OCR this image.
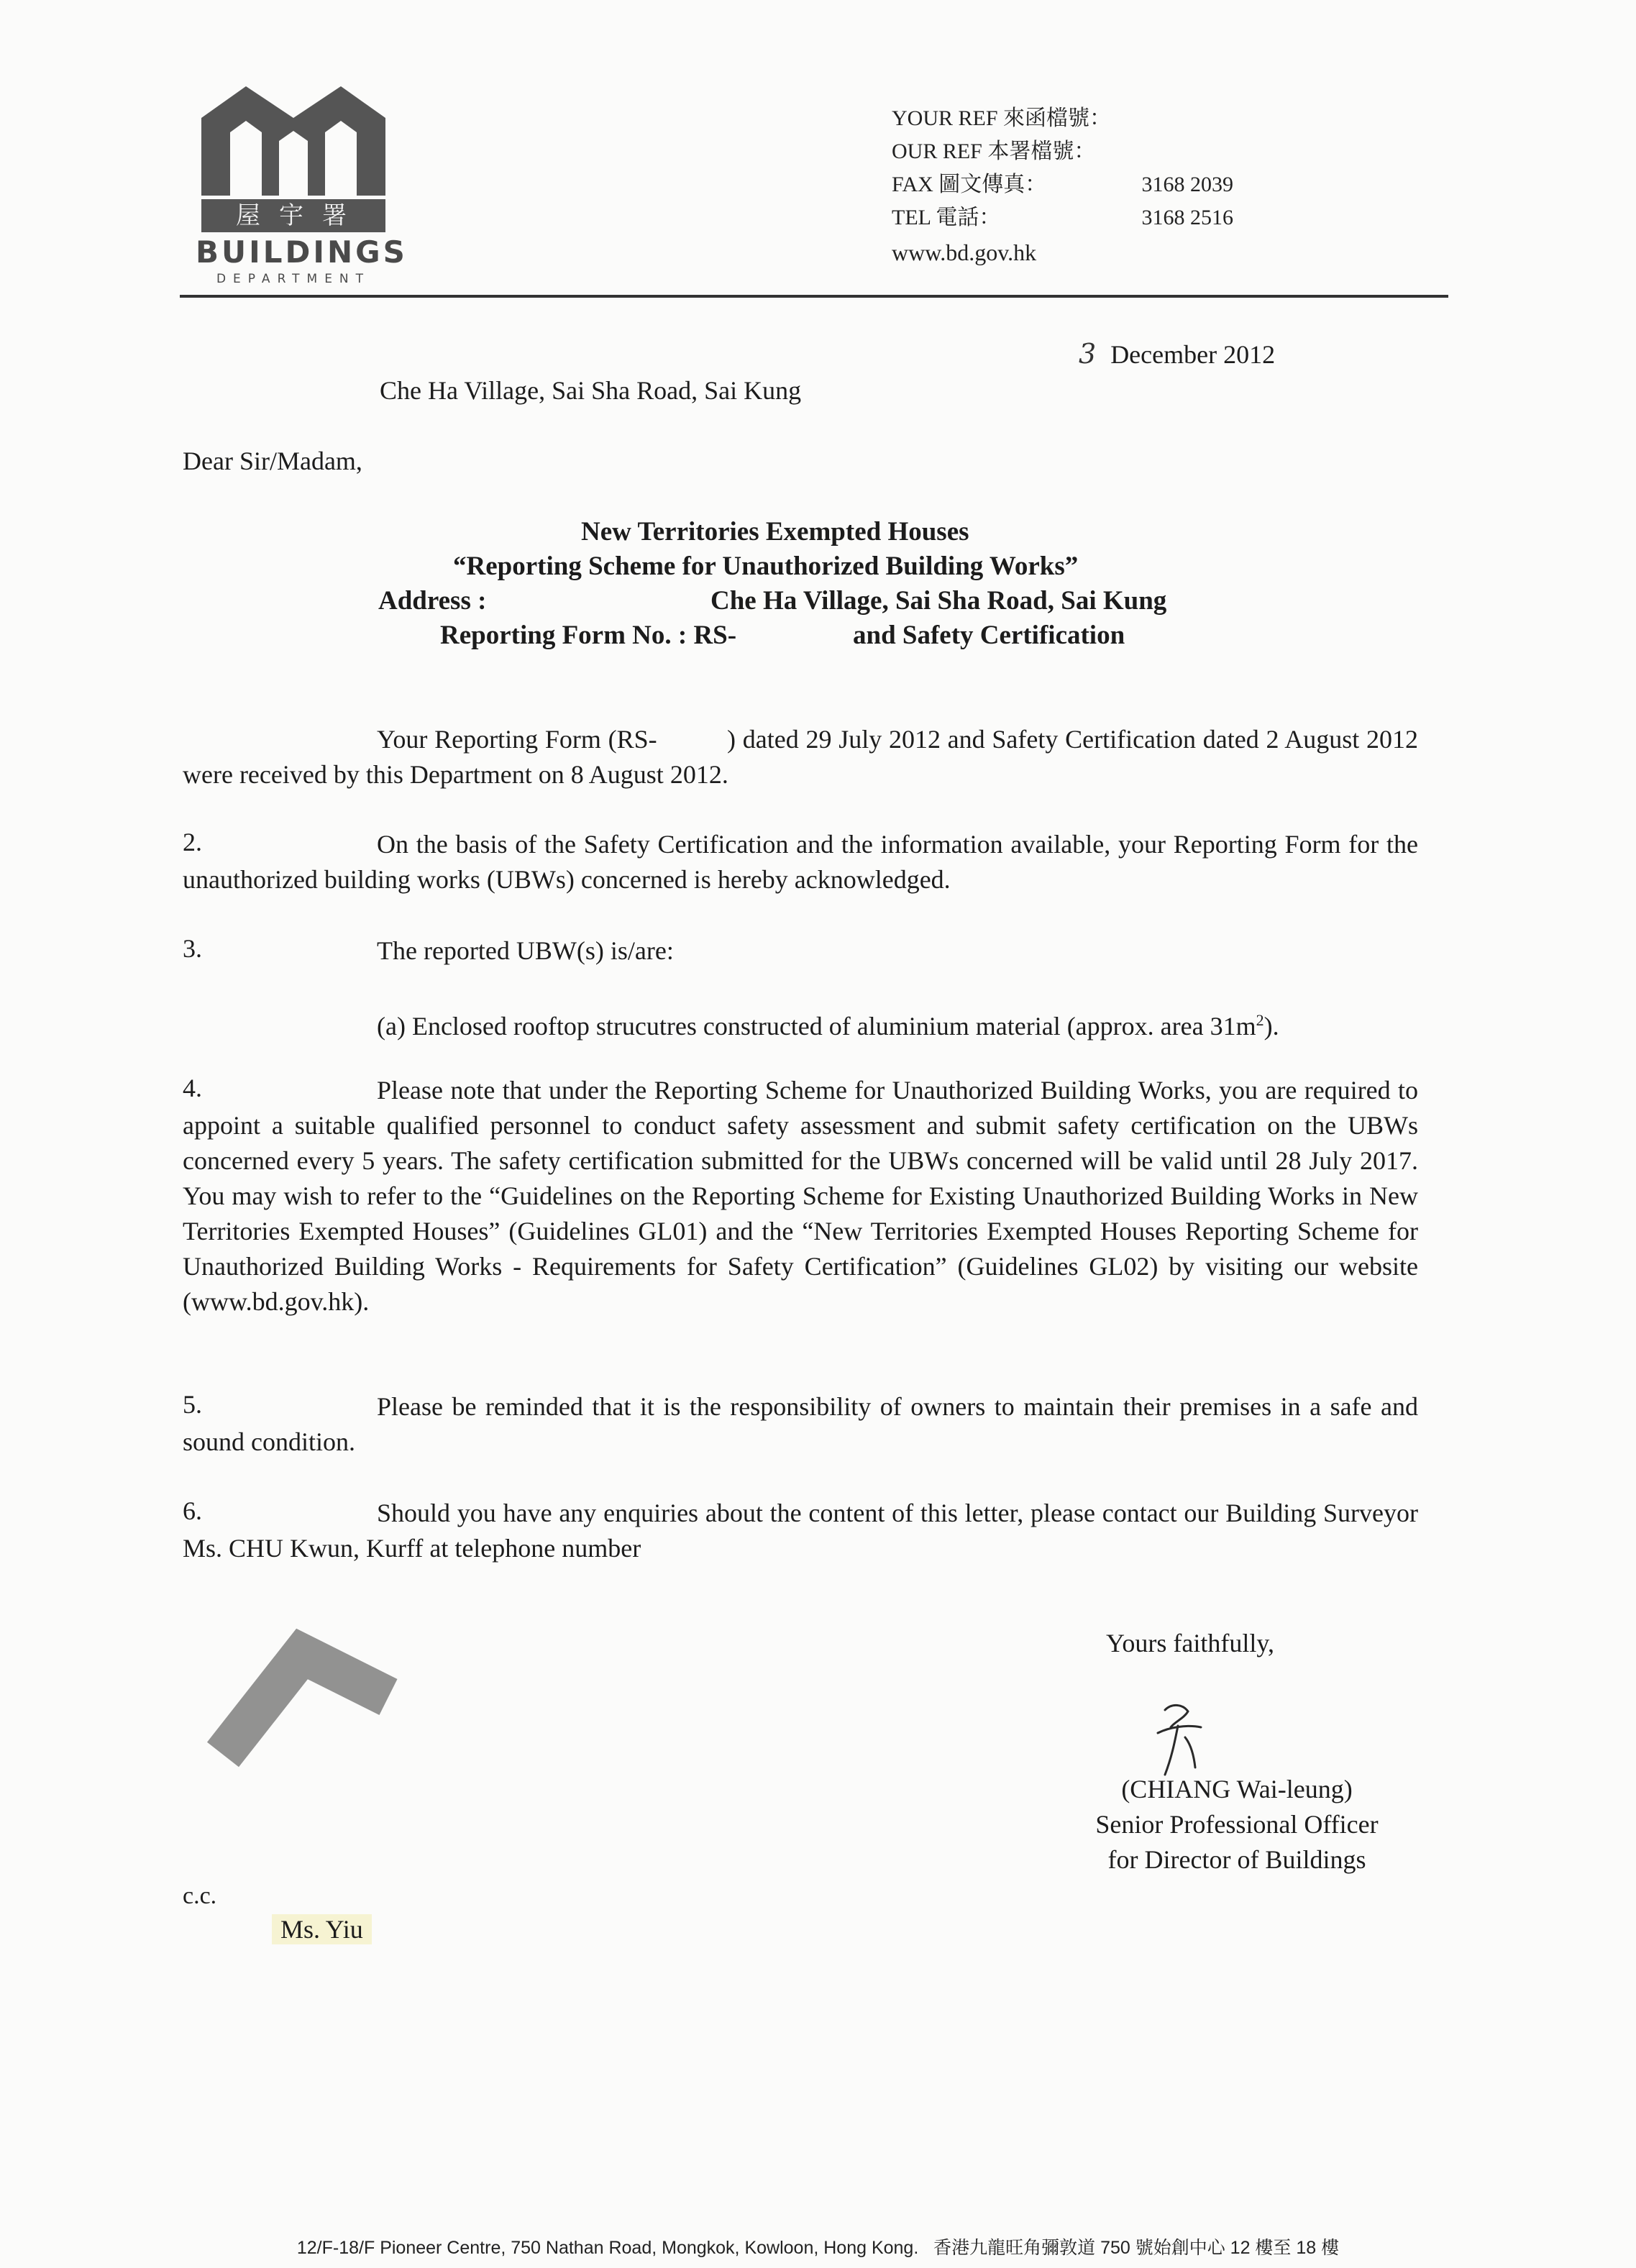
屋宇署
BUILDINGS
DEPARTMENT
YOUR REF 來函檔號：
OUR REF 本署檔號：
FAX 圖文傳真：	3168 2039
TEL 電話：	3168 2516
www.bd.gov.hk
3 December 2012
Che Ha Village, Sai Sha Road, Sai Kung
Dear Sir/Madam,
New Territories Exempted Houses
“Reporting Scheme for Unauthorized Building Works”
Address :	Che Ha Village, Sai Sha Road, Sai Kung
Reporting Form No. : RS-	and Safety Certification
Your Reporting Form (RS-          ) dated 29 July 2012 and Safety Certification dated 2 August 2012 were received by this Department on 8 August 2012.
2.	On the basis of the Safety Certification and the information available, your Reporting Form for the unauthorized building works (UBWs) concerned is hereby acknowledged.
3.	The reported UBW(s) is/are:
(a) Enclosed rooftop strucutres constructed of aluminium material (approx. area $31m^2$).
4.	Please note that under the Reporting Scheme for Unauthorized Building Works, you are required to appoint a suitable qualified personnel to conduct safety assessment and submit safety certification on the UBWs concerned every 5 years. The safety certification submitted for the UBWs concerned will be valid until 28 July 2017. You may wish to refer to the “Guidelines on the Reporting Scheme for Existing Unauthorized Building Works in New Territories Exempted Houses” (Guidelines GL01) and the “New Territories Exempted Houses Reporting Scheme for Unauthorized Building Works - Requirements for Safety Certification” (Guidelines GL02) by visiting our website (www.bd.gov.hk).
5.	Please be reminded that it is the responsibility of owners to maintain their premises in a safe and sound condition.
6.	Should you have any enquiries about the content of this letter, please contact our Building Surveyor Ms. CHU Kwun, Kurff at telephone number
Yours faithfully,
(CHIANG Wai-leung)
Senior Professional Officer
for Director of Buildings
c.c.
Ms. Yiu
12/F-18/F Pioneer Centre, 750 Nathan Road, Mongkok, Kowloon, Hong Kong.   香港九龍旺角彌敦道 750 號始創中心 12 樓至 18 樓
